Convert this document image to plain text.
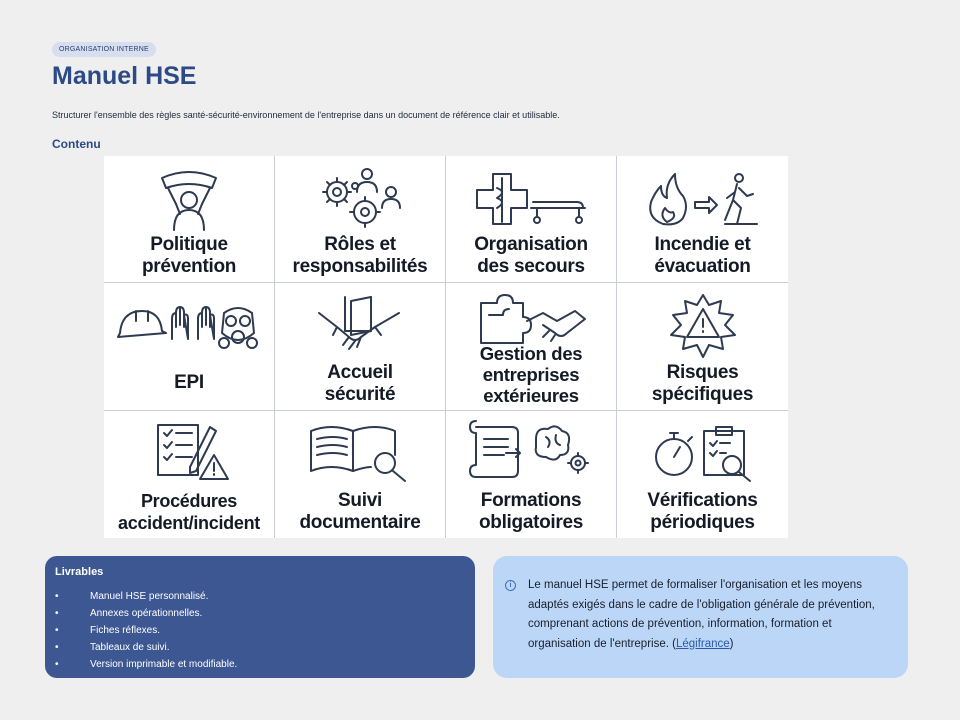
ORGANISATION INTERNE
Manuel HSE
Structurer l'ensemble des règles santé-sécurité-environnement de l'entreprise dans un document de référence clair et utilisable.
Contenu
Politique
prévention
Rôles et
responsabilités
Organisation
des secours
Incendie et
évacuation
EPI	Accueil
sécurité
Gestion des
entreprises
extérieures
Risques
spécifiques
Procédures
accident/incident
Suivi
documentaire
Formations
obligatoires
Vérifications
périodiques
Livrables
•	Manuel HSE personnalisé.
•	Annexes opérationnelles.
•	Fiches réflexes.
•	Tableaux de suivi.
•	Version imprimable et modifiable.
i	Le manuel HSE permet de formaliser l'organisation et les moyens adaptés exigés dans le cadre de l'obligation générale de prévention, comprenant actions de prévention, information, formation et organisation de l'entreprise. (Légifrance)
